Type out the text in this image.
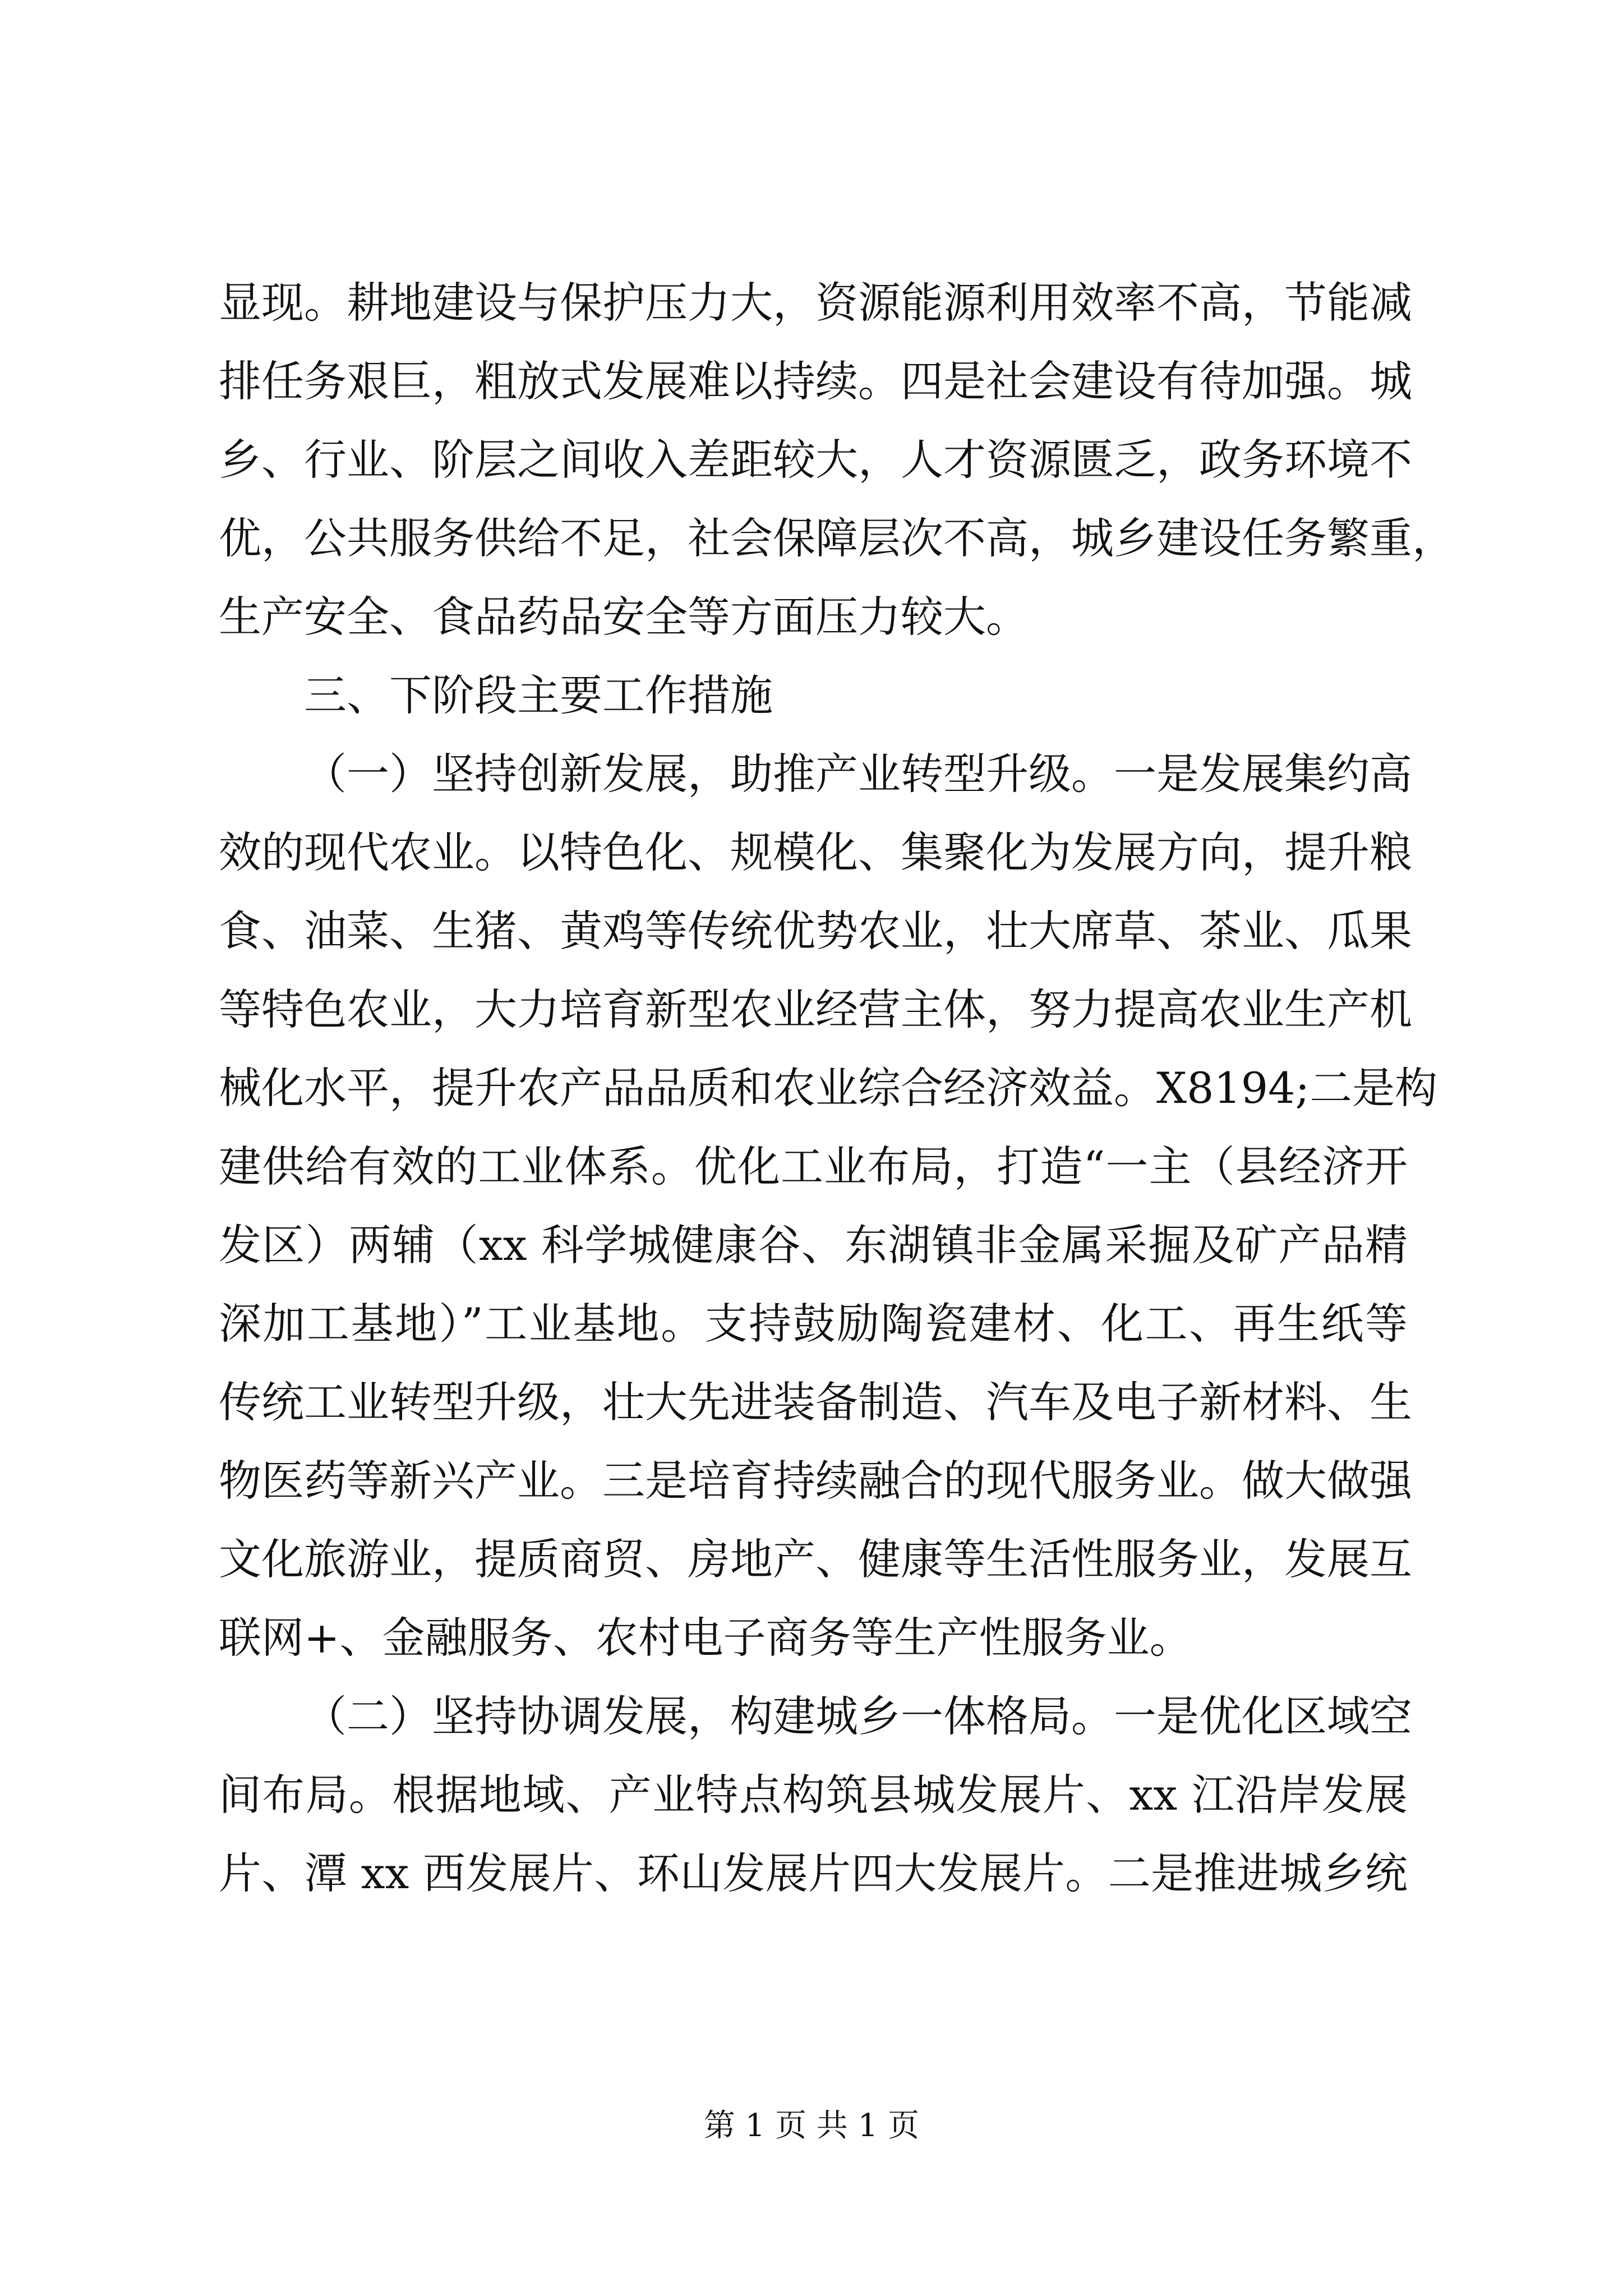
显现。耕地建设与保护压力大，资源能源利用效率不高，节能减
排任务艰巨，粗放式发展难以持续。四是社会建设有待加强。城
乡、行业、阶层之间收入差距较大，人才资源匮乏，政务环境不
优，公共服务供给不足，社会保障层次不高，城乡建设任务繁重，
生产安全、食品药品安全等方面压力较大。
三、下阶段主要工作措施
（一）坚持创新发展，助推产业转型升级。一是发展集约高
效的现代农业。以特色化、规模化、集聚化为发展方向，提升粮
食、油菜、生猪、黄鸡等传统优势农业，壮大席草、茶业、瓜果
等特色农业，大力培育新型农业经营主体，努力提高农业生产机
械化水平，提升农产品品质和农业综合经济效益。X8194;二是构
建供给有效的工业体系。优化工业布局，打造“一主（县经济开
发区）两辅（xx 科学城健康谷、东湖镇非金属采掘及矿产品精
深加工基地）”工业基地。支持鼓励陶瓷建材、化工、再生纸等
传统工业转型升级，壮大先进装备制造、汽车及电子新材料、生
物医药等新兴产业。三是培育持续融合的现代服务业。做大做强
文化旅游业，提质商贸、房地产、健康等生活性服务业，发展互
联网+、金融服务、农村电子商务等生产性服务业。
（二）坚持协调发展，构建城乡一体格局。一是优化区域空
间布局。根据地域、产业特点构筑县城发展片、xx 江沿岸发展
片、潭 xx 西发展片、环山发展片四大发展片。二是推进城乡统
第 1 页 共 1 页
